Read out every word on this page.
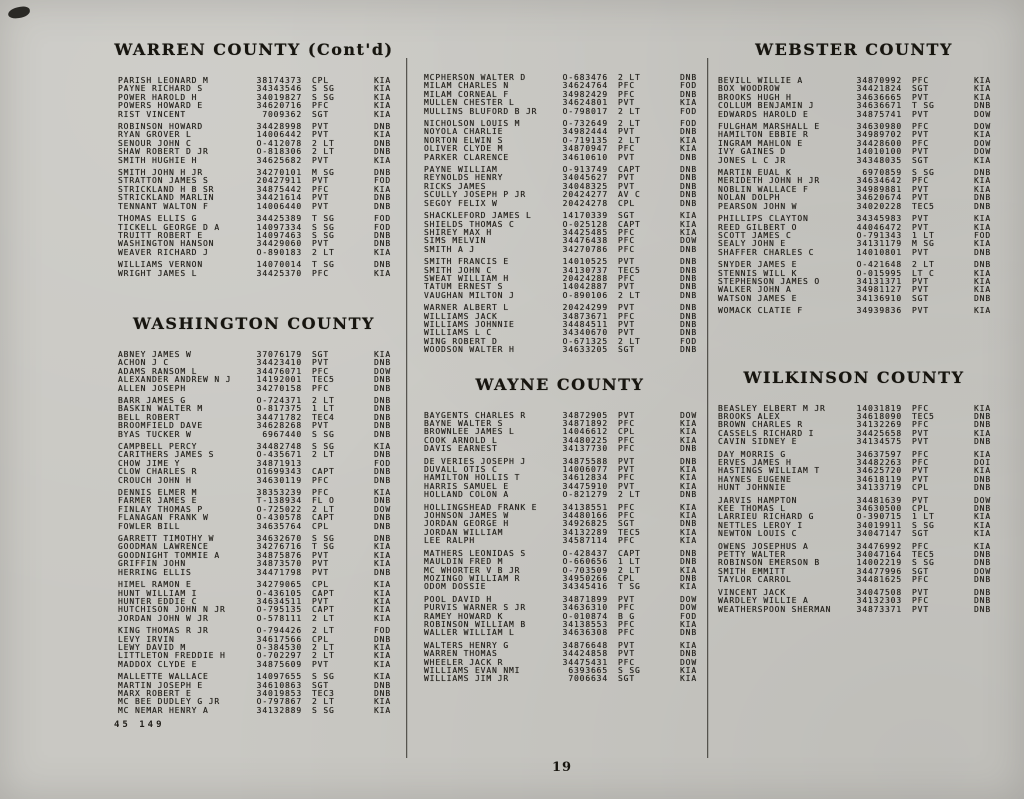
WARREN COUNTY (Cont'd)
PARISH LEONARD M	38174373	CPL	KIA
PAYNE RICHARD S	34343546	S SG	KIA
POWER HAROLD H	34019827	S SG	KIA
POWERS HOWARD E	34620716	PFC	KIA
RIST VINCENT	7009362	SGT	KIA
ROBINSON HOWARD	34428998	PVT	DNB
RYAN GROVER L	14006442	PVT	KIA
SENOUR JOHN C	O-412078	2 LT	DNB
SHAW ROBERT D JR	O-818306	2 LT	DNB
SMITH HUGHIE H	34625682	PVT	KIA
SMITH JOHN H JR	34270101	M SG	DNB
STRATTON JAMES S	20427911	PVT	FOD
STRICKLAND H B SR	34875442	PFC	KIA
STRICKLAND MARLIN	34421614	PVT	DNB
TENNANT WALTON F	14006440	PVT	DNB
THOMAS ELLIS G	34425389	T SG	FOD
TICKELL GEORGE D A	14097334	S SG	FOD
TRUITT ROBERT E	14097463	S SG	DNB
WASHINGTON HANSON	34429060	PVT	DNB
WEAVER RICHARD J	O-890183	2 LT	KIA
WILLIAMS VERNON	14070014	T SG	DNB
WRIGHT JAMES L	34425370	PFC	KIA
WASHINGTON COUNTY
ABNEY JAMES W	37076179	SGT	KIA
ACHON J C	34423410	PVT	DNB
ADAMS RANSOM L	34476071	PFC	DOW
ALEXANDER ANDREW N J	14192001	TEC5	DNB
ALLEN JOSEPH	34270158	PFC	DNB
BARR JAMES G	O-724371	2 LT	DNB
BASKIN WALTER M	O-817375	1 LT	DNB
BELL ROBERT	34471782	TEC4	DNB
BROOMFIELD DAVE	34628268	PVT	DNB
BYAS TUCKER W	6967440	S SG	DNB
CAMPBELL PERCY	34482748	S SG	KIA
CARITHERS JAMES S	O-435671	2 LT	DNB
CHOW JIME Y	34871913	FOD
CLOW CHARLES R	O1699343	CAPT	DNB
CROUCH JOHN H	34630119	PFC	DNB
DENNIS ELMER M	38353239	PFC	KIA
FARMER JAMES E	T-138934	FL O	DNB
FINLAY THOMAS P	O-725022	2 LT	DOW
FLANAGAN FRANK W	O-430578	CAPT	DNB
FOWLER BILL	34635764	CPL	DNB
GARRETT TIMOTHY W	34632670	S SG	DNB
GOODMAN LAWRENCE	34276716	T SG	KIA
GOODNIGHT TOMMIE A	34875876	PVT	KIA
GRIFFIN JOHN	34873570	PVT	KIA
HERRING ELLIS	34471798	PVT	DNB
HIMEL RAMON E	34279065	CPL	KIA
HUNT WILLIAM I	O-436105	CAPT	KIA
HUNTER EDDIE C	34634511	PVT	KIA
HUTCHISON JOHN N JR	O-795135	CAPT	KIA
JORDAN JOHN W JR	O-578111	2 LT	KIA
KING THOMAS R JR	O-794426	2 LT	FOD
LEVY IRVIN	34617566	CPL	DNB
LEWY DAVID M	O-384530	2 LT	KIA
LITTLETON FREDDIE H	O-702297	2 LT	KIA
MADDOX CLYDE E	34875609	PVT	KIA
MALLETTE WALLACE	14097655	S SG	KIA
MARTIN JOSEPH E	34610863	SGT	DNB
MARX ROBERT E	34019853	TEC3	DNB
MC BEE DUDLEY G JR	O-797867	2 LT	KIA
MC NEMAR HENRY A	34132889	S SG	KIA
MCPHERSON WALTER D	O-683476	2 LT	DNB
MILAM CHARLES N	34624764	PFC	FOD
MILAM CORNEAL F	34982429	PFC	DNB
MULLEN CHESTER L	34624801	PVT	KIA
MULLINS BLUFORD B JR	O-798017	2 LT	FOD
NICHOLSON LOUIS M	O-732649	2 LT	FOD
NOYOLA CHARLIE	34982444	PVT	DNB
NORTON ELWIN S	O-719135	2 LT	KIA
OLIVER CLYDE M	34870947	PFC	KIA
PARKER CLARENCE	34610610	PVT	DNB
PAYNE WILLIAM	O-913749	CAPT	DNB
REYNOLDS HENRY	34045627	PVT	DNB
RICKS JAMES	34048325	PVT	DNB
SCULLY JOSEPH P JR	20424277	AV C	DNB
SEGOY FELIX W	20424278	CPL	DNB
SHACKLEFORD JAMES L	14170339	SGT	KIA
SHIELDS THOMAS C	O-025128	CAPT	KIA
SHIREY MAX H	34425485	PFC	KIA
SIMS MELVIN	34476438	PFC	DOW
SMITH A J	34270786	PFC	DNB
SMITH FRANCIS E	14010525	PVT	DNB
SMITH JOHN C	34130737	TEC5	DNB
SWEAT WILLIAM H	20424288	PFC	DNB
TATUM ERNEST S	14042887	PVT	DNB
VAUGHAN MILTON J	O-890106	2 LT	DNB
WARNER ALBERT L	20424299	PVT	DNB
WILLIAMS JACK	34873671	PFC	DNB
WILLIAMS JOHNNIE	34484511	PVT	DNB
WILLIAMS L C	34340670	PVT	DNB
WING ROBERT D	O-671325	2 LT	FOD
WOODSON WALTER H	34633205	SGT	DNB
WAYNE COUNTY
BAYGENTS CHARLES R	34872905	PVT	DOW
BAYNE WALTER S	34871892	PFC	KIA
BROWNLEE JAMES L	14046612	CPL	KIA
COOK ARNOLD L	34480225	PFC	KIA
DAVIS EARNEST	34137730	PFC	DNB
DE VERIES JOSEPH J	34875588	PVT	DNB
DUVALL OTIS C	14006077	PVT	KIA
HAMILTON HOLLIS T	34612834	PFC	KIA
HARRIS SAMUEL E	34475910	PVT	KIA
HOLLAND COLON A	O-821279	2 LT	DNB
HOLLINGSHEAD FRANK E	34138551	PFC	KIA
JOHNSON JAMES W	34480166	PFC	KIA
JORDAN GEORGE H	34926825	SGT	DNB
JORDAN WILLIAM	34132289	TEC5	KIA
LEE RALPH	34587114	PFC	KIA
MATHERS LEONIDAS S	O-428437	CAPT	DNB
MAULDIN FRED M	O-660656	1 LT	DNB
MC WHORTER V B JR	O-703509	2 LT	KIA
MOZINGO WILLIAM R	34950266	CPL	DNB
ODOM DOSSIE	34345416	T SG	KIA
POOL DAVID H	34871899	PVT	DOW
PURVIS WARNER S JR	34636310	PFC	DOW
RAMEY HOWARD K	O-010874	B G	FOD
ROBINSON WILLIAM B	34138553	PFC	KIA
WALLER WILLIAM L	34636308	PFC	DNB
WALTERS HENRY G	34876648	PVT	KIA
WARREN THOMAS	34424858	PVT	DNB
WHEELER JACK R	34475431	PFC	DOW
WILLIAMS EVAN NMI	6393665	S SG	KIA
WILLIAMS JIM JR	7006634	SGT	KIA
WEBSTER COUNTY
BEVILL WILLIE A	34870992	PFC	KIA
BOX WOODROW	34421824	SGT	KIA
BROOKS HUGH H	34636665	PVT	KIA
COLLUM BENJAMIN J	34636671	T SG	DNB
EDWARDS HAROLD E	34875741	PVT	DOW
FULGHAM MARSHALL E	34630980	PFC	DOW
HAMILTON EBBIE R	34989702	PVT	KIA
INGRAM MAHLON E	34428600	PFC	DOW
IVY GAINES D	14010100	PVT	DOW
JONES L C JR	34348035	SGT	KIA
MARTIN EUAL K	6970859	S SG	DNB
MERIDETH JOHN H JR	34634642	PFC	KIA
NOBLIN WALLACE F	34989881	PVT	KIA
NOLAN DOLPH	34620674	PVT	DNB
PEARSON JOHN W	34020228	TEC5	DNB
PHILLIPS CLAYTON	34345983	PVT	KIA
REED GILBERT O	44046472	PVT	KIA
SCOTT JAMES C	O-791343	1 LT	FOD
SEALY JOHN E	34131179	M SG	KIA
SHAFFER CHARLES C	14010801	PVT	DNB
SNYDER JAMES E	O-421648	2 LT	DNB
STENNIS WILL K	O-015995	LT C	KIA
STEPHENSON JAMES O	34131371	PVT	KIA
WALKER JOHN A	34981127	PVT	KIA
WATSON JAMES E	34136910	SGT	DNB
WOMACK CLATIE F	34939836	PVT	KIA
WILKINSON COUNTY
BEASLEY ELBERT M JR	14031819	PFC	KIA
BROOKS ALEX	34618090	TEC5	DNB
BROWN CHARLES R	34132269	PFC	DNB
CASSELS RICHARD I	34425658	PVT	KIA
CAVIN SIDNEY E	34134575	PVT	DNB
DAY MORRIS G	34637597	PFC	KIA
ERVES JAMES H	34482263	PFC	DOI
HASTINGS WILLIAM T	34625720	PVT	KIA
HAYNES EUGENE	34618119	PVT	DNB
HUNT JOHNNIE	34133719	CPL	DNB
JARVIS HAMPTON	34481639	PVT	DOW
KEE THOMAS L	34630500	CPL	DNB
LARRIEU RICHARD G	O-390715	1 LT	KIA
NETTLES LEROY I	34019911	S SG	KIA
NEWTON LOUIS C	34047147	SGT	KIA
OWENS JOSEPHUS A	34476992	PFC	KIA
PETTY WALTER	34047164	TEC5	DNB
ROBINSON EMERSON B	14002219	S SG	DNB
SMITH EMMITT	34477996	SGT	DOW
TAYLOR CARROL	34481625	PFC	DNB
VINCENT JACK	34047508	PVT	DNB
WARDLEY WILLIE A	34132303	PFC	DNB
WEATHERSPOON SHERMAN	34873371	PVT	DNB
45 149
19
